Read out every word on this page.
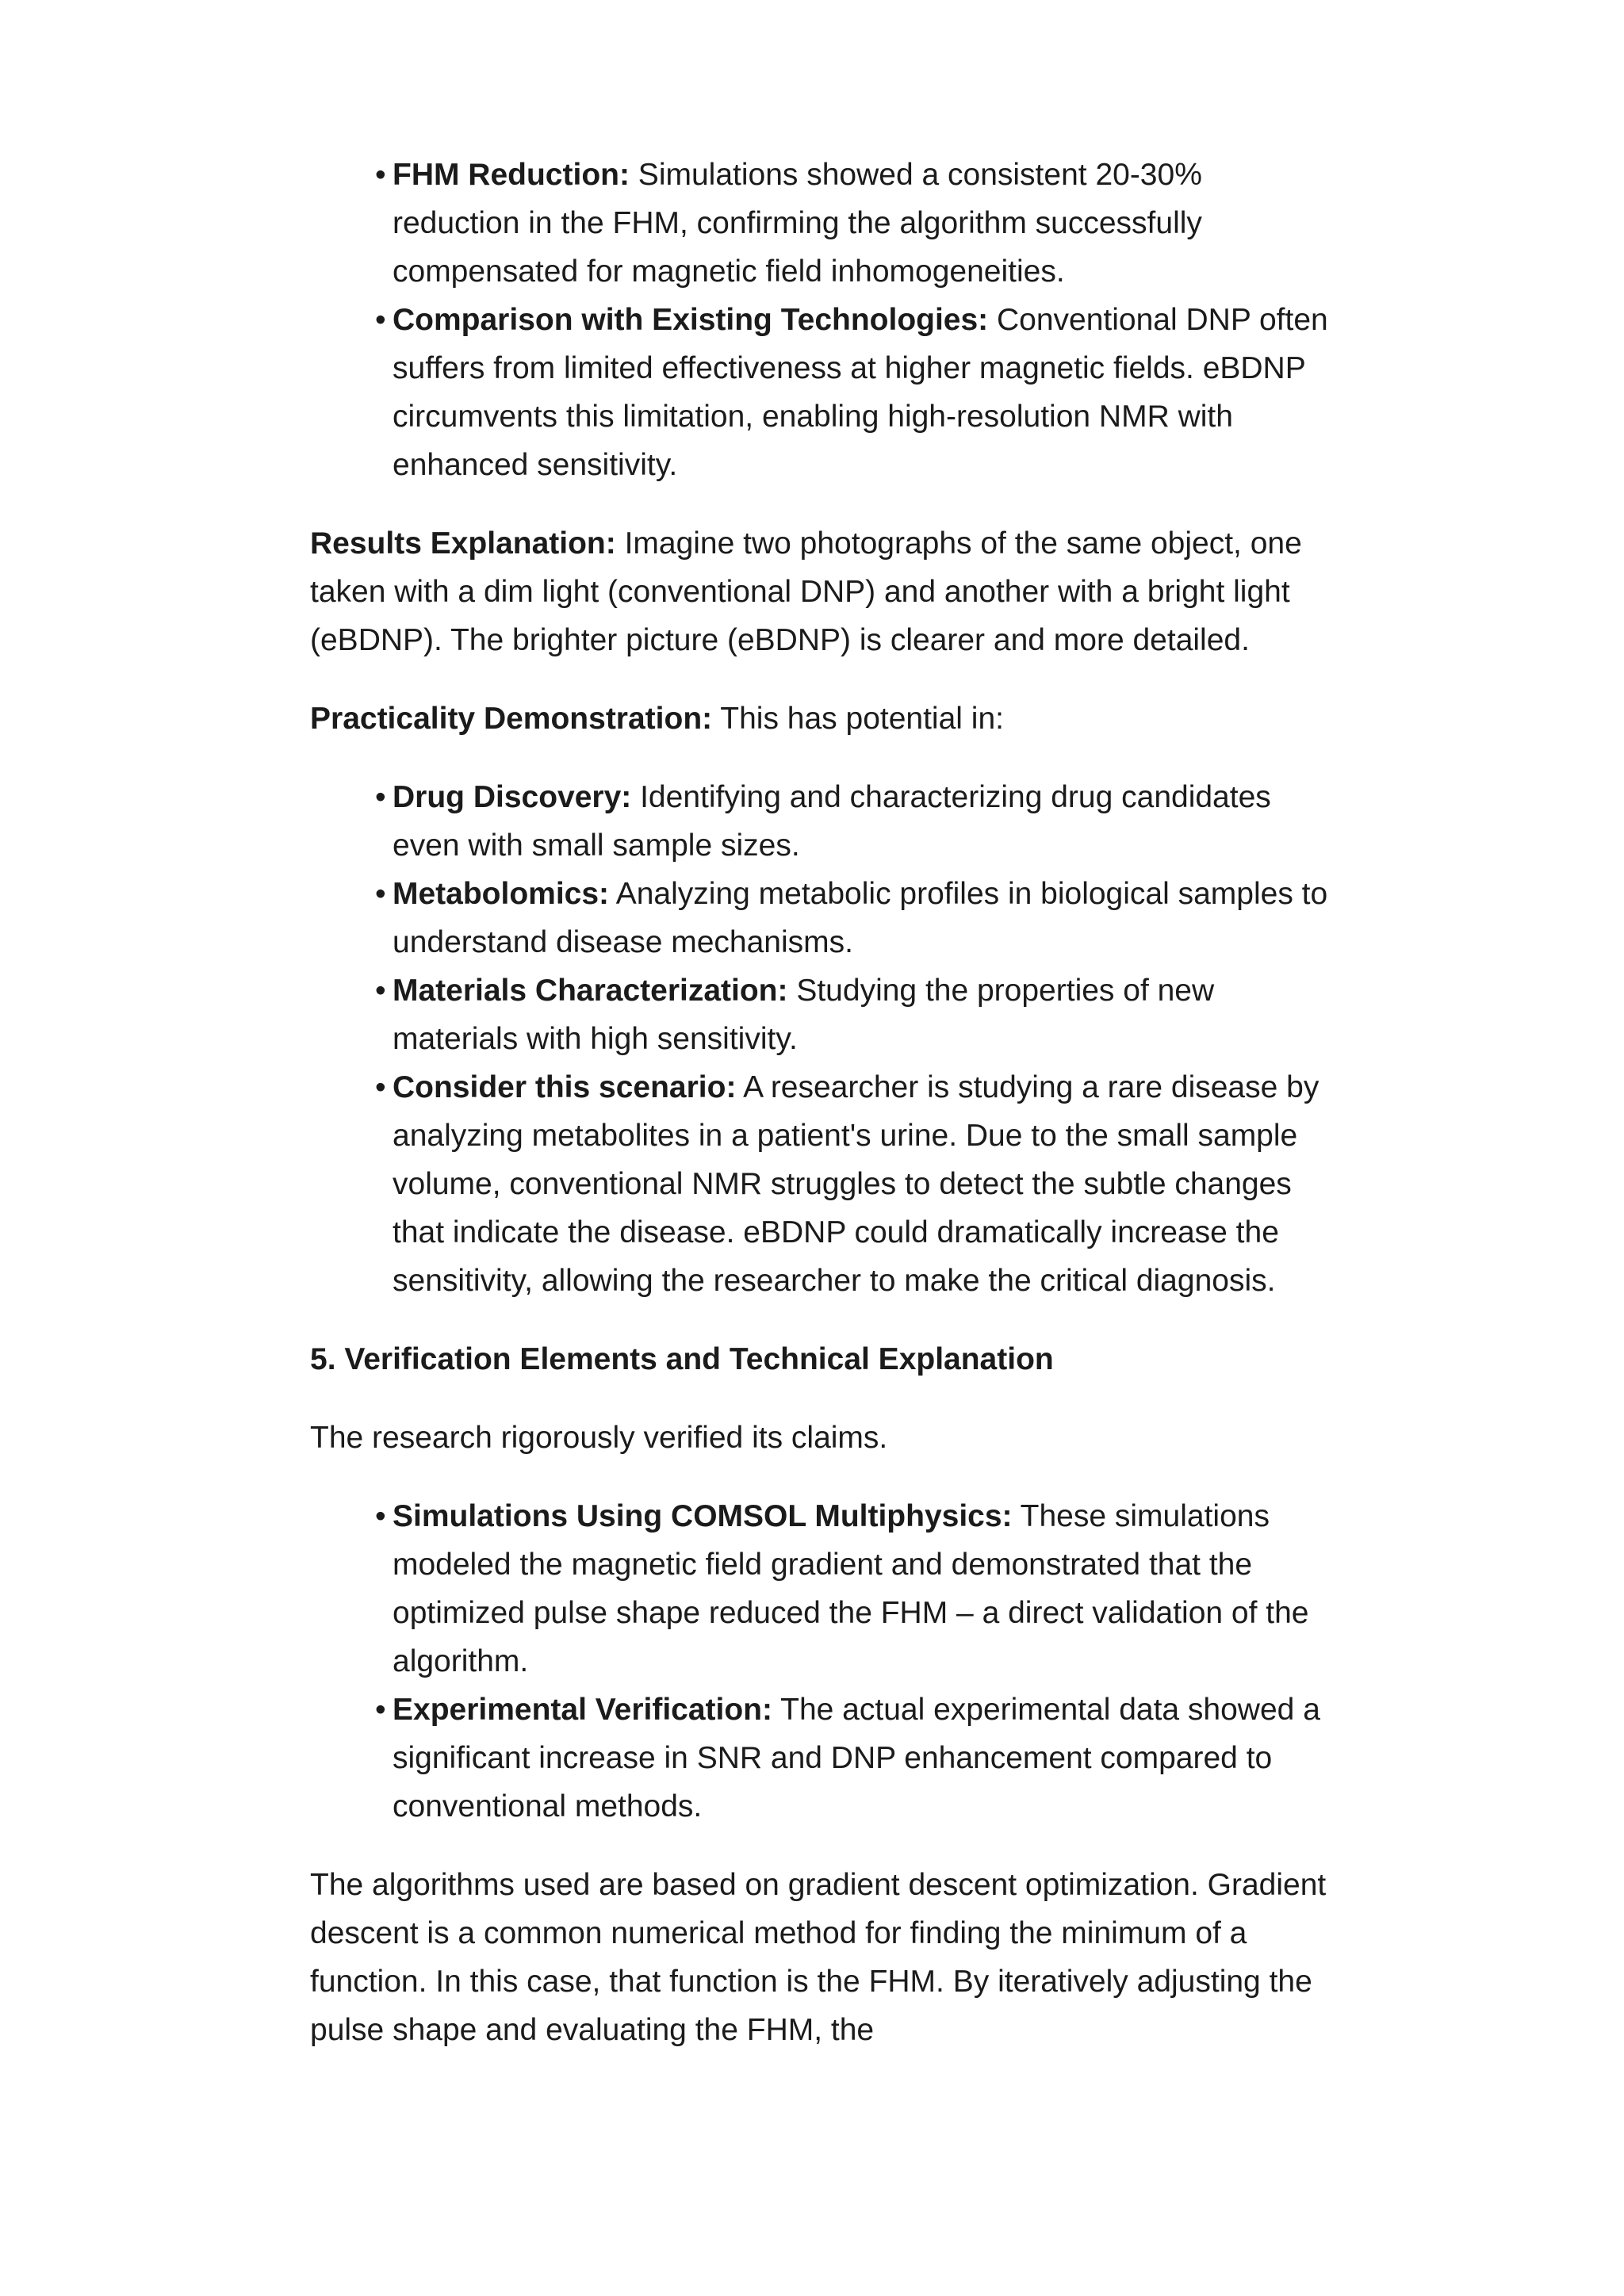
• FHM Reduction: Simulations showed a consistent 20-30% reduction in the FHM, confirming the algorithm successfully compensated for magnetic field inhomogeneities.
• Comparison with Existing Technologies: Conventional DNP often suffers from limited effectiveness at higher magnetic fields. eBDNP circumvents this limitation, enabling high-resolution NMR with enhanced sensitivity.

Results Explanation: Imagine two photographs of the same object, one taken with a dim light (conventional DNP) and another with a bright light (eBDNP). The brighter picture (eBDNP) is clearer and more detailed.

Practicality Demonstration: This has potential in:

• Drug Discovery: Identifying and characterizing drug candidates even with small sample sizes.
• Metabolomics: Analyzing metabolic profiles in biological samples to understand disease mechanisms.
• Materials Characterization: Studying the properties of new materials with high sensitivity.
• Consider this scenario: A researcher is studying a rare disease by analyzing metabolites in a patient's urine. Due to the small sample volume, conventional NMR struggles to detect the subtle changes that indicate the disease. eBDNP could dramatically increase the sensitivity, allowing the researcher to make the critical diagnosis.
5. Verification Elements and Technical Explanation

The research rigorously verified its claims.

• Simulations Using COMSOL Multiphysics: These simulations modeled the magnetic field gradient and demonstrated that the optimized pulse shape reduced the FHM – a direct validation of the algorithm.
• Experimental Verification: The actual experimental data showed a significant increase in SNR and DNP enhancement compared to conventional methods.

The algorithms used are based on gradient descent optimization. Gradient descent is a common numerical method for finding the minimum of a function. In this case, that function is the FHM. By iteratively adjusting the pulse shape and evaluating the FHM, the
